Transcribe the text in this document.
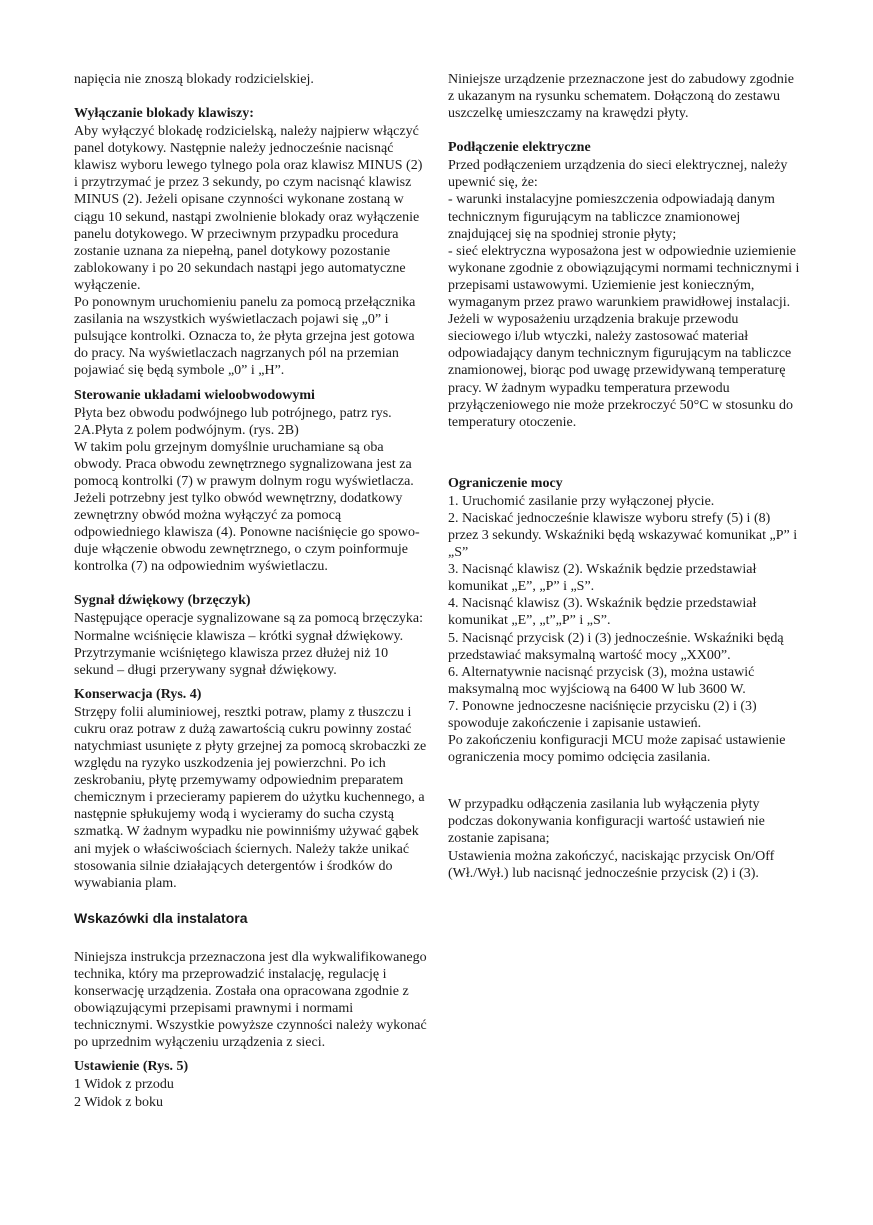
napięcia nie znoszą blokady rodzicielskiej.

Wyłączanie blokady klawiszy:

Aby wyłączyć blokadę rodzicielską, należy najpierw włączyć panel dotykowy. Następnie należy jednocześnie nacisnąć klawisz wyboru lewego tylnego pola oraz klawisz MINUS (2) i przytrzymać je przez 3 sekundy, po czym nacisnąć klawisz MINUS (2). Jeżeli opisane czynności wykonane zostaną w ciągu 10 sekund, nastąpi zwolnienie blokady oraz wyłączenie panelu dotykowego. W przeciwnym przypadku procedura zostanie uznana za niepełną, panel dotykowy pozostanie zablokowany i po 20 sekundach nastąpi jego automatyczne wyłączenie.

Po ponownym uruchomieniu panelu za pomocą przełącznika zasilania na wszystkich wyświetlaczach pojawi się „0” i pulsujące kontrolki. Oznacza to, że płyta grzejna jest gotowa do pracy. Na wyświetlaczach nagrzanych pól na przemian pojawiać się będą symbole „0” i „H”.

Sterowanie układami wieloobwodowymi

Płyta bez obwodu podwójnego lub potrójnego, patrz rys. 2A.Płyta z polem podwójnym. (rys. 2B)

W takim polu grzejnym domyślnie uruchamiane są oba obwody. Praca obwodu zewnętrznego sygnalizowana jest za pomocą kontrolki (7) w prawym dolnym rogu wyświetlacza. Jeżeli potrzebny jest tylko obwód wewnętrzny, dodatkowy zewnętrzny obwód można wyłączyć za pomocą odpowiedniego klawisza (4). Ponowne naciśnięcie go spowo- duje włączenie obwodu zewnętrznego, o czym poinformuje kontrolka (7) na odpowiednim wyświetlaczu.

Sygnał dźwiękowy (brzęczyk)

Następujące operacje sygnalizowane są za pomocą brzęczyka:

Normalne wciśnięcie klawisza – krótki sygnał dźwiękowy.

Przytrzymanie wciśniętego klawisza przez dłużej niż 10 sekund – długi przerywany sygnał dźwiękowy.

Konserwacja (Rys. 4)

Strzępy folii aluminiowej, resztki potraw, plamy z tłuszczu i cukru oraz potraw z dużą zawartością cukru powinny zostać natychmiast usunięte z płyty grzejnej za pomocą skrobaczki ze względu na ryzyko uszkodzenia jej powierzchni. Po ich zeskrobaniu, płytę przemywamy odpowiednim preparatem chemicznym i przecieramy papierem do użytku kuchennego, a następnie spłukujemy wodą i wycieramy do sucha czystą szmatką. W żadnym wypadku nie powinniśmy używać gąbek ani myjek o właściwościach ściernych. Należy także unikać stosowania silnie działających detergentów i środków do wywabiania plam.

Wskazówki dla instalatora

Niniejsza instrukcja przeznaczona jest dla wykwalifikowanego technika, który ma przeprowadzić instalację, regulację i konserwację urządzenia. Została ona opracowana zgodnie z obowiązującymi przepisami prawnymi i normami technicznymi. Wszystkie powyższe czynności należy wykonać

po uprzednim wyłączeniu urządzenia z sieci.

Ustawienie (Rys. 5)

1 Widok z przodu

2 Widok z boku

Niniejsze urządzenie przeznaczone jest do zabudowy zgodnie z ukazanym na rysunku schematem. Dołączoną do zestawu uszczelkę umieszczamy na krawędzi płyty.

Podłączenie elektryczne

Przed podłączeniem urządzenia do sieci elektrycznej, należy upewnić się, że:

- warunki instalacyjne pomieszczenia odpowiadają danym technicznym figurującym na tabliczce znamionowej znajdującej się na spodniej stronie płyty;

- sieć elektryczna wyposażona jest w odpowiednie uziemienie wykonane zgodnie z obowiązującymi normami technicznymi i przepisami ustawowymi. Uziemienie jest konieczným, wymaganym przez prawo warunkiem prawidłowej instalacji.

Jeżeli w wyposażeniu urządzenia brakuje przewodu sieciowego i/lub wtyczki, należy zastosować materiał odpowiadający danym technicznym figurującym na tabliczce znamionowej, biorąc pod uwagę przewidywaną temperaturę pracy. W żadnym wypadku temperatura przewodu przyłączeniowego nie może przekroczyć 50°C w stosunku do temperatury otoczenie.

Ograniczenie mocy

1. Uruchomić zasilanie przy wyłączonej płycie.

2. Naciskać jednocześnie klawisze wyboru strefy (5) i (8) przez 3 sekundy. Wskaźniki będą wskazywać komunikat „P” i „S”

3. Nacisnąć klawisz (2). Wskaźnik będzie przedstawiał komunikat „E”, „P” i „S”.

4. Nacisnąć klawisz (3). Wskaźnik będzie przedstawiał komunikat „E”, „t”„P” i „S”.

5. Nacisnąć przycisk (2) i (3) jednocześnie. Wskaźniki będą przedstawiać maksymalną wartość mocy „XX00”.

6. Alternatywnie nacisnąć przycisk (3), można ustawić maksymalną moc wyjściową na 6400 W lub 3600 W.

7. Ponowne jednoczesne naciśnięcie przycisku (2) i (3) spowoduje zakończenie i zapisanie ustawień.

Po zakończeniu konfiguracji MCU może zapisać ustawienie ograniczenia mocy pomimo odcięcia zasilania.

W przypadku odłączenia zasilania lub wyłączenia płyty podczas dokonywania konfiguracji wartość ustawień nie zostanie zapisana;

Ustawienia można zakończyć, naciskając przycisk On/Off (Wł./Wył.) lub nacisnąć jednocześnie przycisk (2) i (3).
